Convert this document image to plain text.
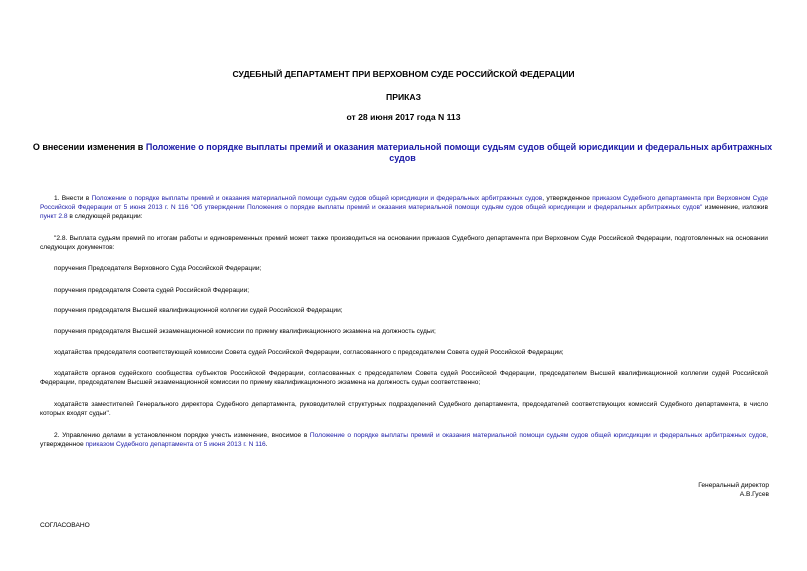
СУДЕБНЫЙ ДЕПАРТАМЕНТ ПРИ ВЕРХОВНОМ СУДЕ РОССИЙСКОЙ ФЕДЕРАЦИИ
ПРИКАЗ
от 28 июня 2017 года N 113
О внесении изменения в Положение о порядке выплаты премий и оказания материальной помощи судьям судов общей юрисдикции и федеральных арбитражных судов
1. Внести в Положение о порядке выплаты премий и оказания материальной помощи судьям судов общей юрисдикции и федеральных арбитражных судов, утвержденное приказом Судебного департамента при Верховном Суде Российской Федерации от 5 июня 2013 г. N 116 "Об утверждении Положения о порядке выплаты премий и оказания материальной помощи судьям судов общей юрисдикции и федеральных арбитражных судов" изменение, изложив пункт 2.8 в следующей редакции:
"2.8. Выплата судьям премий по итогам работы и единовременных премий может также производиться на основании приказов Судебного департамента при Верховном Суде Российской Федерации, подготовленных на основании следующих документов:
поручения Председателя Верховного Суда Российской Федерации;
поручения председателя Совета судей Российской Федерации;
поручения председателя Высшей квалификационной коллегии судей Российской Федерации;
поручения председателя Высшей экзаменационной комиссии по приему квалификационного экзамена на должность судьи;
ходатайства председателя соответствующей комиссии Совета судей Российской Федерации, согласованного с председателем Совета судей Российской Федерации;
ходатайств органов судейского сообщества субъектов Российской Федерации, согласованных с председателем Совета судей Российской Федерации, председателем Высшей квалификационной коллегии судей Российской Федерации, председателем Высшей экзаменационной комиссии по приему квалификационного экзамена на должность судьи соответственно;
ходатайств заместителей Генерального директора Судебного департамента, руководителей структурных подразделений Судебного департамента, председателей соответствующих комиссий Судебного департамента, в число которых входят судьи".
2. Управлению делами в установленном порядке учесть изменение, вносимое в Положение о порядке выплаты премий и оказания материальной помощи судьям судов общей юрисдикции и федеральных арбитражных судов, утвержденное приказом Судебного департамента от 5 июня 2013 г. N 116.
Генеральный директор
А.В.Гусев
СОГЛАСОВАНО
